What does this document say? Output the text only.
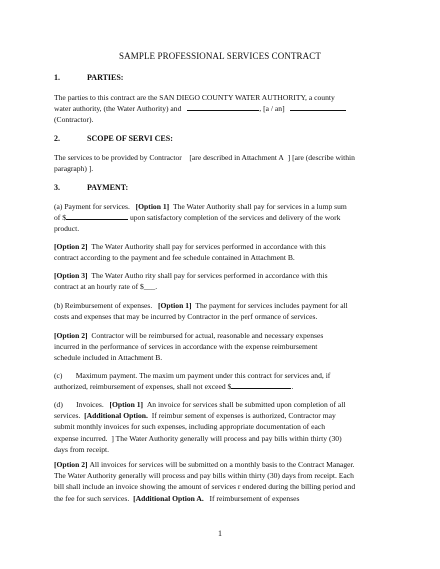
SAMPLE PROFESSIONAL SERVICES CONTRACT
1.	PARTIES:
The parties to this contract are the SAN DIEGO COUNTY WATER AUTHORITY, a county
water authority, (the Water Authority) and	, [a / an]
(Contractor).
2.	SCOPE OF SERVI CES:
The services to be provided by Contractor [are described in Attachment A ] [are (describe within
paragraph) ].
3.	PAYMENT:
(a) Payment for services. [Option 1] The Water Authority shall pay for services in a lump sum
of $	upon satisfactory completion of the services and delivery of the work
product.
[Option 2] The Water Authority shall pay for services performed in accordance with this
contract according to the payment and fee schedule contained in Attachment B.
[Option 3] The Water Autho rity shall pay for services performed in accordance with this
contract at an hourly rate of $___.
(b) Reimbursement of expenses. [Option 1] The payment for services includes payment for all
costs and expenses that may be incurred by Contractor in the perf ormance of services.
[Option 2] Contractor will be reimbursed for actual, reasonable and necessary expenses
incurred in the performance of services in accordance with the expense reimbursement
schedule included in Attachment B.
(c) Maximum payment. The maxim um payment under this contract for services and, if
authorized, reimbursement of expenses, shall not exceed $	.
(d) Invoices. [Option 1] An invoice for services shall be submitted upon completion of all
services. [Additional Option. If reimbur sement of expenses is authorized, Contractor may
submit monthly invoices for such expenses, including appropriate documentation of each
expense incurred. ] The Water Authority generally will process and pay bills within thirty (30)
days from receipt.
[Option 2] All invoices for services will be submitted on a monthly basis to the Contract Manager.
The Water Authority generally will process and pay bills within thirty (30) days from receipt. Each
bill shall include an invoice showing the amount of services r endered during the billing period and
the fee for such services. [Additional Option A. If reimbursement of expenses
1
